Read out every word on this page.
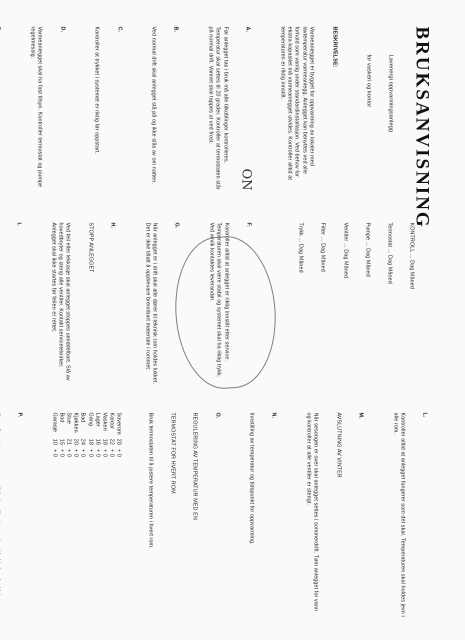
BRUKSANVISNING

Lavenergi oppvarmingsanlegg

for vaskeri og kontor

BESKRIVELSE:

Varmeanlegget er bygget for oppvarming av lokaler med lavtemperatur varmeanlegg. Anlegget kan benyttes ved alle forhold som vanlig under standardinstallasjon. Ved behov for ekstra kapasitet må varmeanlegget utvides. Kontroller alltid at temperaturen er riktig innstilt.

A.

Før anlegget tas i bruk må alle tilkoblinger kontrolleres. Temperatur skal settes til 20 grader. Kontroller at termostaten står på normal drift. Vannet skal tappes ut ved frost.

B.

Ved normal drift skal anlegget stå på og ikke slås av om natten.

C.

Kontroller at trykket i systemet er riktig før oppstart.

D.

Varmeanlegget skal ha fast tilsyn. Kontroller termostat og pumpe regelmessig.

KONTROLL ... Dag Måned

Termostat ... Dag Måned

Pumpe ... Dag Måned

Ventiler ... Dag Måned

Filter ... Dag Måned

Trykk ... Dag Måned

F.

Kontroller alltid at anlegget er riktig innstilt etter service. Temperaturen skal være stabil og systemet skal ha riktig trykk. Ved avvik kontaktes leverandør.

G.

Når anlegget er i drift skal alle dører til teknisk rom holdes lukket. Det er ikke tillatt å oppbevare brennbart materiale i rommet.

H.

STOPP ANLEGGET

Ved feil eller lekkasje skal anlegget stoppes umiddelbart. Slå av hovedbryter og steng alle ventiler. Kontakt servicetekniker. Anlegget skal ikke startes før feilen er rettet.

I.

L.

Kontroller alltid at anlegget fungerer som det skal. Temperaturen skal holdes jevn i alle rom.

M.

AVSLUTNING AV VINTER

Når sesongen er over skal anlegget settes i sommerdrift. Tøm anlegget for vann og kontroller at alle ventiler er stengt.

N.

Innstilling av temperatur og tidspunkt for oppvarming.

O.

REGULERING AV TEMPERATUR MED EN

TERMOSTAT FOR HVERT ROM

Bruk termostaten til å justere temperaturen i hvert rom.

Soverom	20	+ 0
Kontor	22	+ 0
Vaskeri	18	+ 0
Lager	16	+ 0
Gang	18	+ 0
Bad	24	+ 0
Kjøkken	20	+ 0
Stue	21	+ 0
Bod	15	+ 0
Garasje	10	+ 0

P.

ON
